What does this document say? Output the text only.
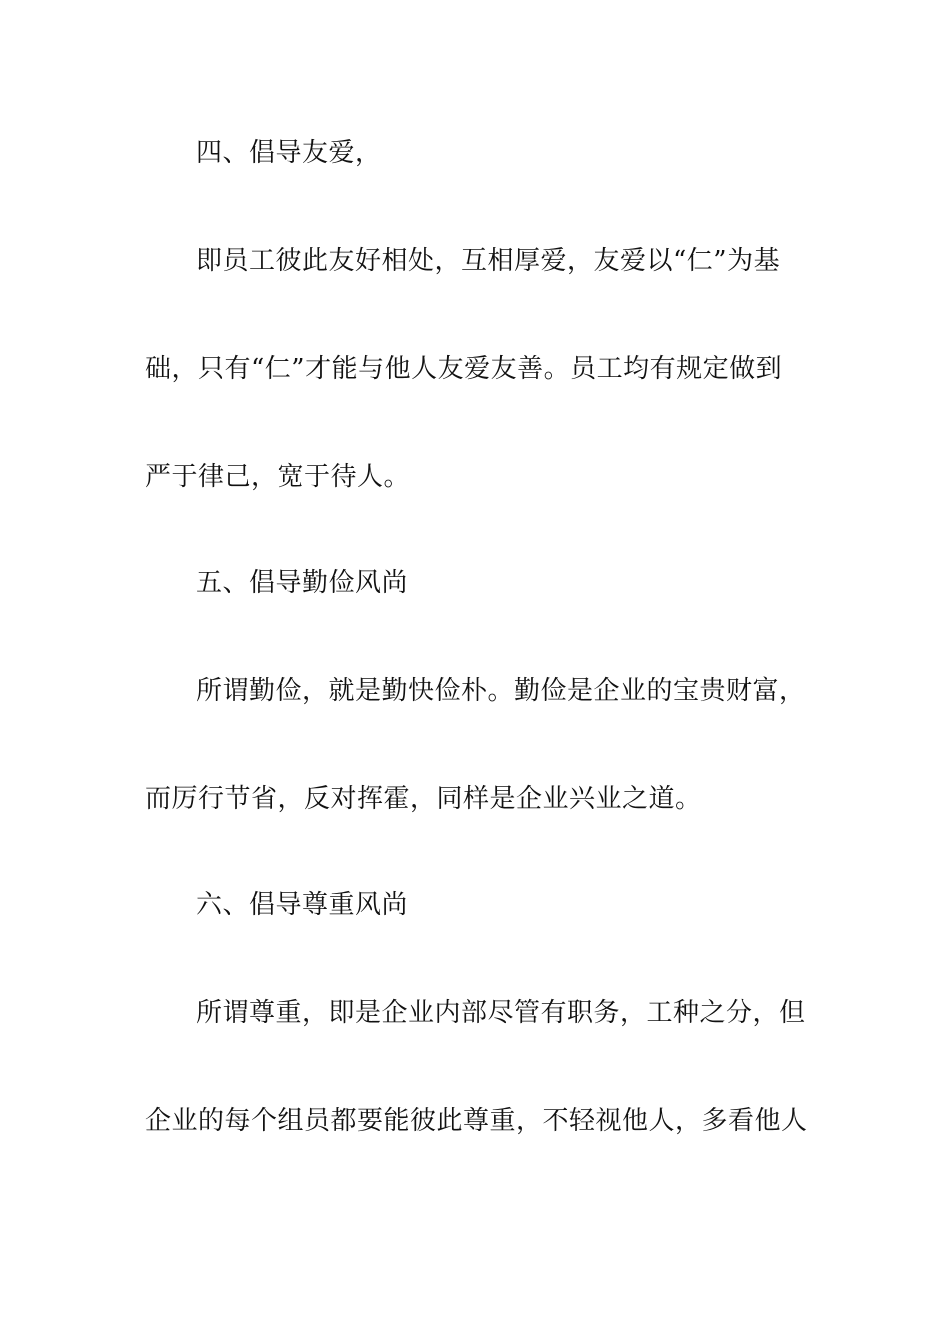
四、倡导友爱，
即员工彼此友好相处，互相厚爱，友爱以“仁”为基
础，只有“仁”才能与他人友爱友善。员工均有规定做到
严于律己，宽于待人。
五、倡导勤俭风尚
所谓勤俭，就是勤快俭朴。勤俭是企业的宝贵财富，
而厉行节省，反对挥霍，同样是企业兴业之道。
六、倡导尊重风尚
所谓尊重，即是企业内部尽管有职务，工种之分，但
企业的每个组员都要能彼此尊重，不轻视他人，多看他人
